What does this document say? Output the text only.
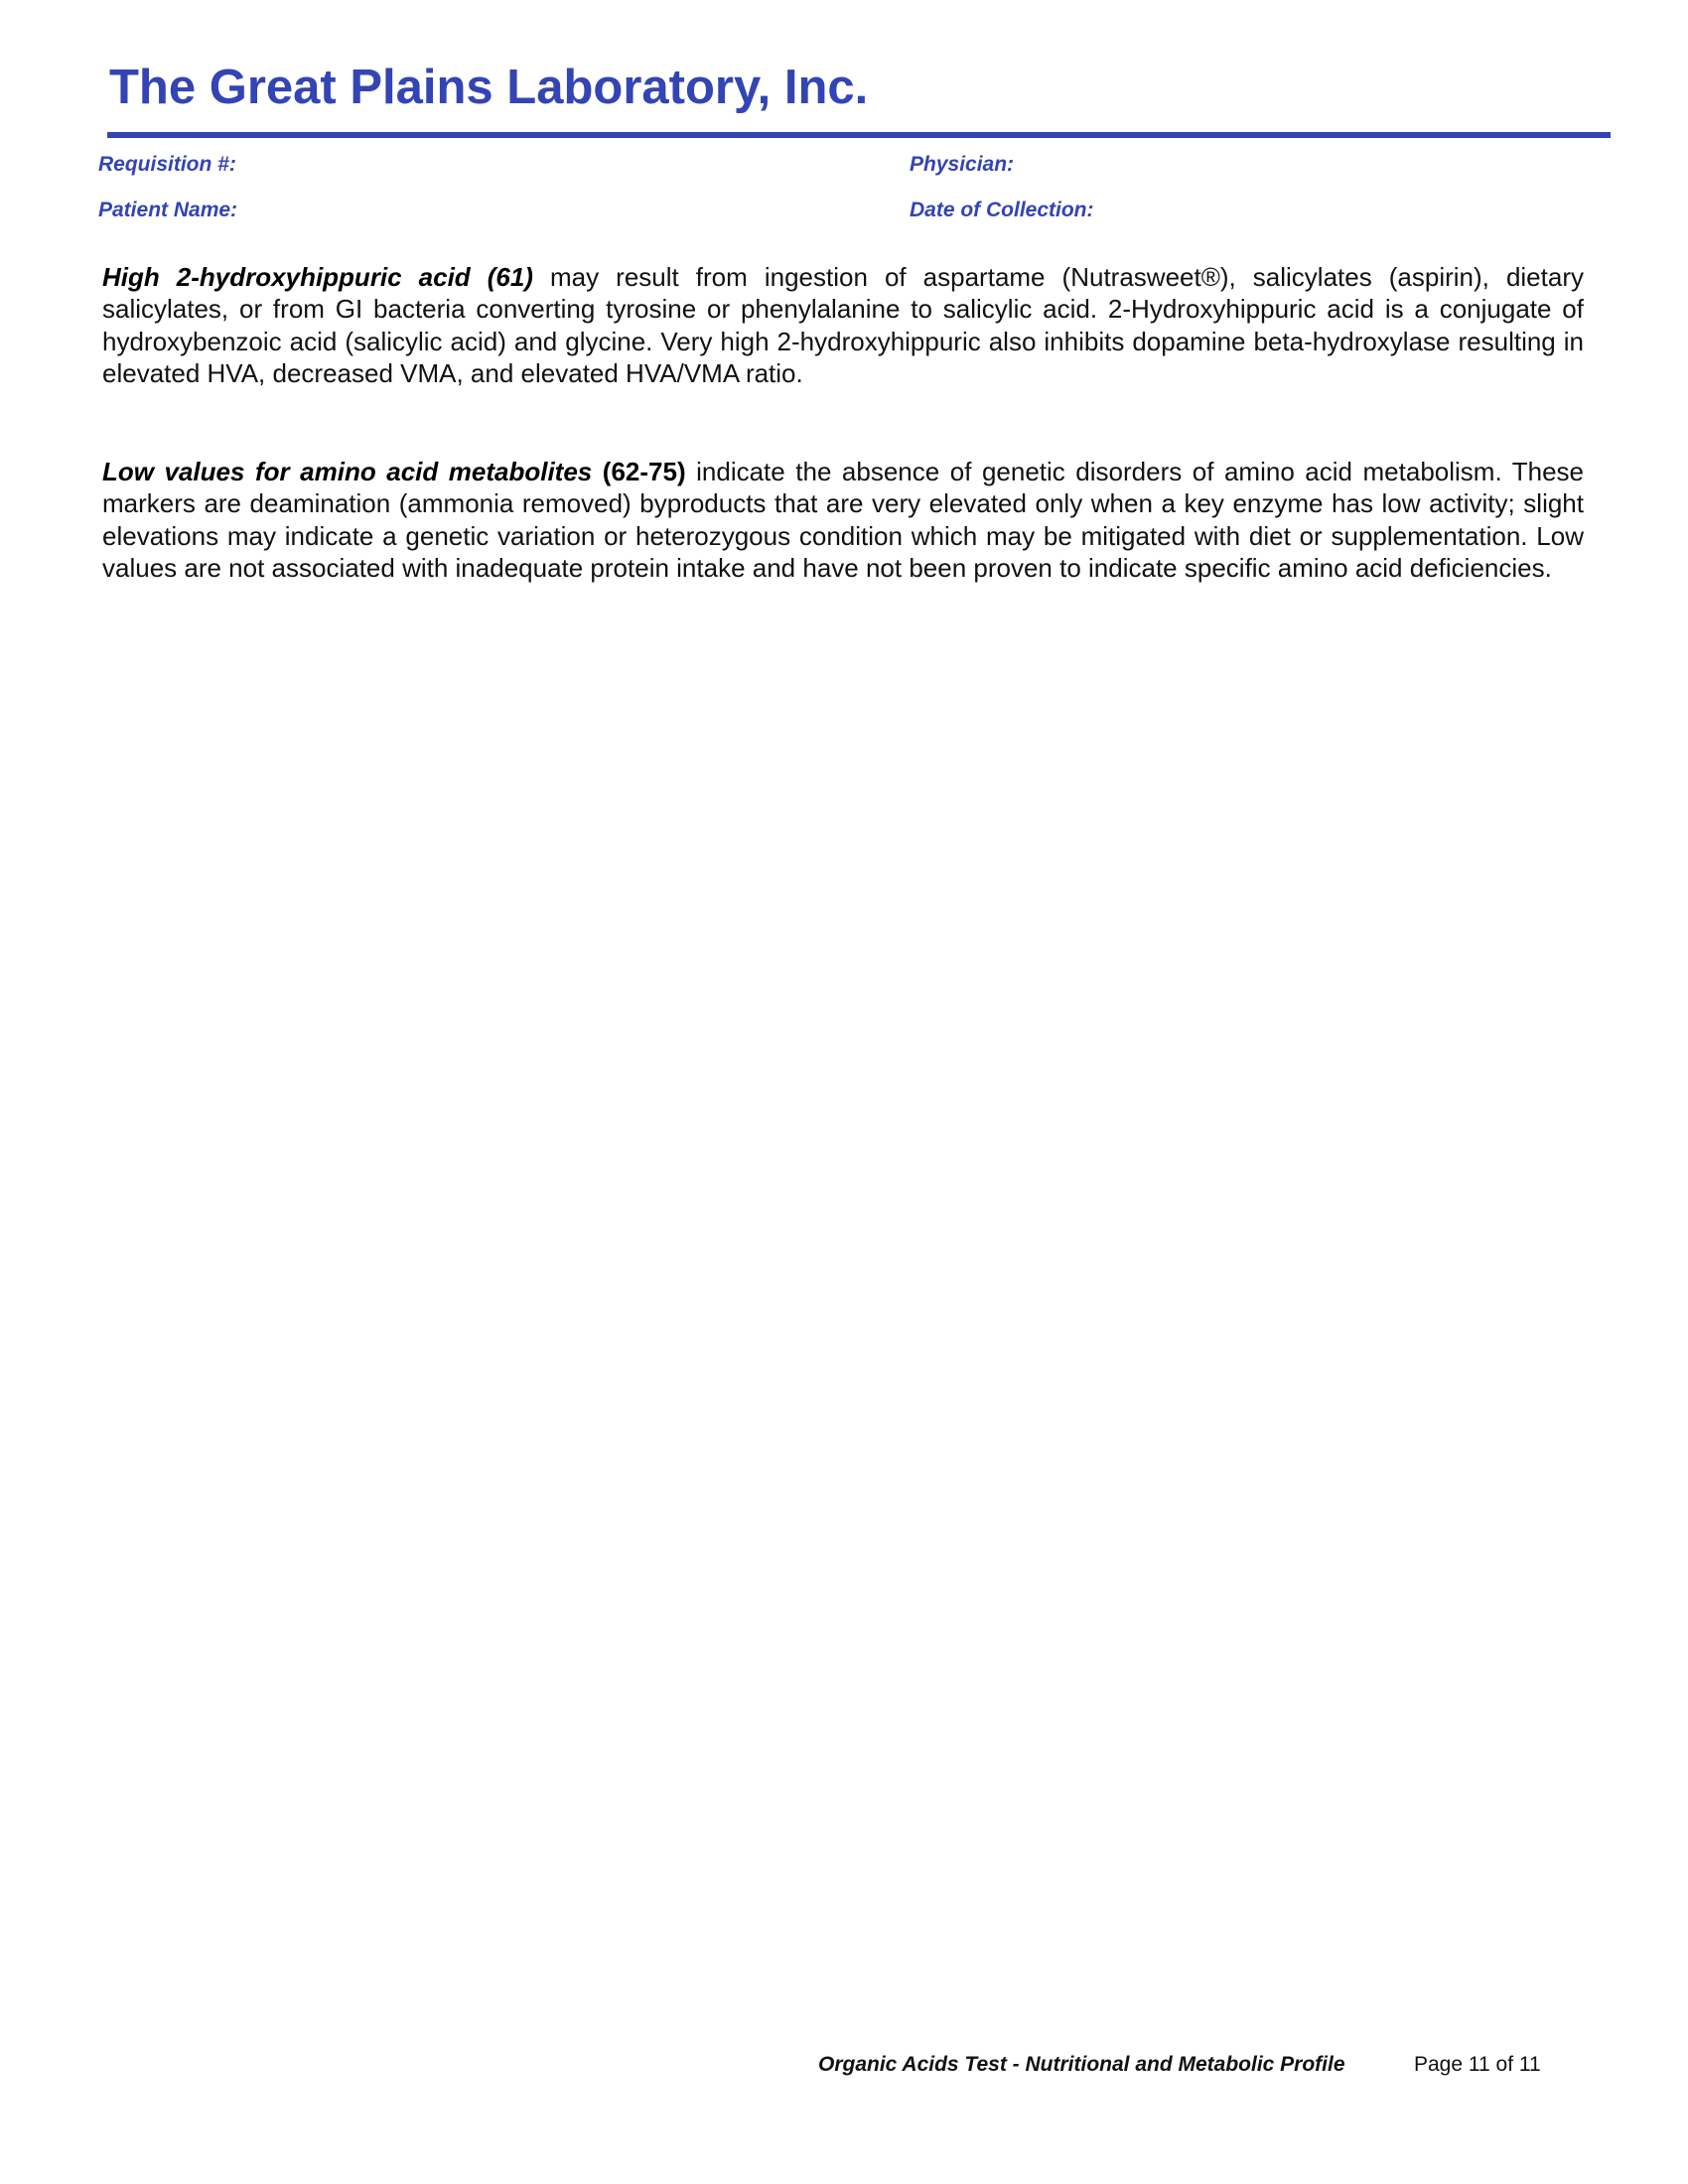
The Great Plains Laboratory, Inc.
Requisition #:	Physician:
Patient Name:	Date of Collection:

High 2-hydroxyhippuric acid (61) may result from ingestion of aspartame (Nutrasweet®), salicylates (aspirin), dietary salicylates, or from GI bacteria converting tyrosine or phenylalanine to salicylic acid. 2-Hydroxyhippuric acid is a conjugate of hydroxybenzoic acid (salicylic acid) and glycine. Very high 2-hydroxyhippuric also inhibits dopamine beta-hydroxylase resulting in elevated HVA, decreased VMA, and elevated HVA/VMA ratio.

Low values for amino acid metabolites (62-75) indicate the absence of genetic disorders of amino acid metabolism. These markers are deamination (ammonia removed) byproducts that are very elevated only when a key enzyme has low activity; slight elevations may indicate a genetic variation or heterozygous condition which may be mitigated with diet or supplementation. Low values are not associated with inadequate protein intake and have not been proven to indicate specific amino acid deficiencies.

Organic Acids Test - Nutritional and Metabolic Profile	Page 11 of 11
